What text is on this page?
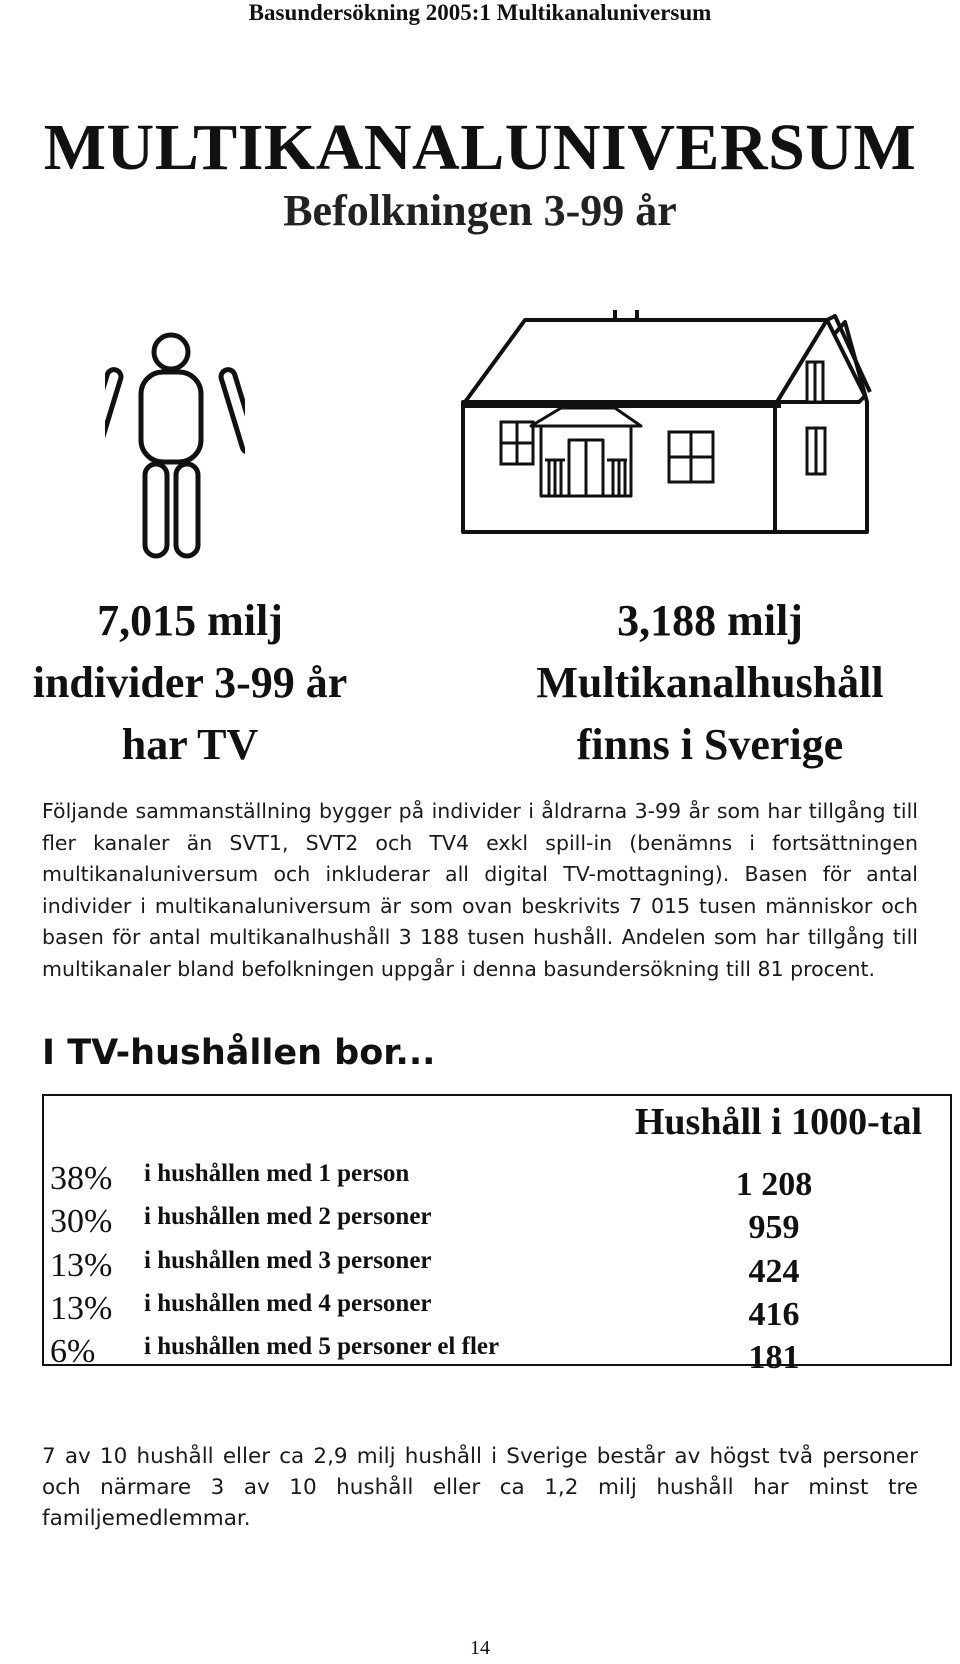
Basundersökning 2005:1 Multikanaluniversum
MULTIKANALUNIVERSUM
Befolkningen 3-99 år
7,015 milj
individer 3-99 år
har TV
3,188 milj
Multikanalhushåll
finns i Sverige
Följande sammanställning bygger på individer i åldrarna 3-99 år som har tillgång till fler kanaler än SVT1, SVT2 och TV4 exkl spill-in (benämns i fortsättningen multikanaluniversum och inkluderar all digital TV-mottagning). Basen för antal individer i multikanaluniversum är som ovan beskrivits 7 015 tusen människor och basen för antal multikanalhushåll 3 188 tusen hushåll. Andelen som har tillgång till multikanaler bland befolkningen uppgår i denna basundersökning till 81 procent.
I TV-hushållen bor...
Hushåll i 1000-tal
38%	i hushållen med 1 person	1 208
30%	i hushållen med 2 personer	959
13%	i hushållen med 3 personer	424
13%	i hushållen med 4 personer	416
6%	i hushållen med 5 personer el fler	181
7 av 10 hushåll eller ca 2,9 milj hushåll i Sverige består av högst två personer och närmare 3 av 10 hushåll eller ca 1,2 milj hushåll har minst tre familjemedlemmar.
14
